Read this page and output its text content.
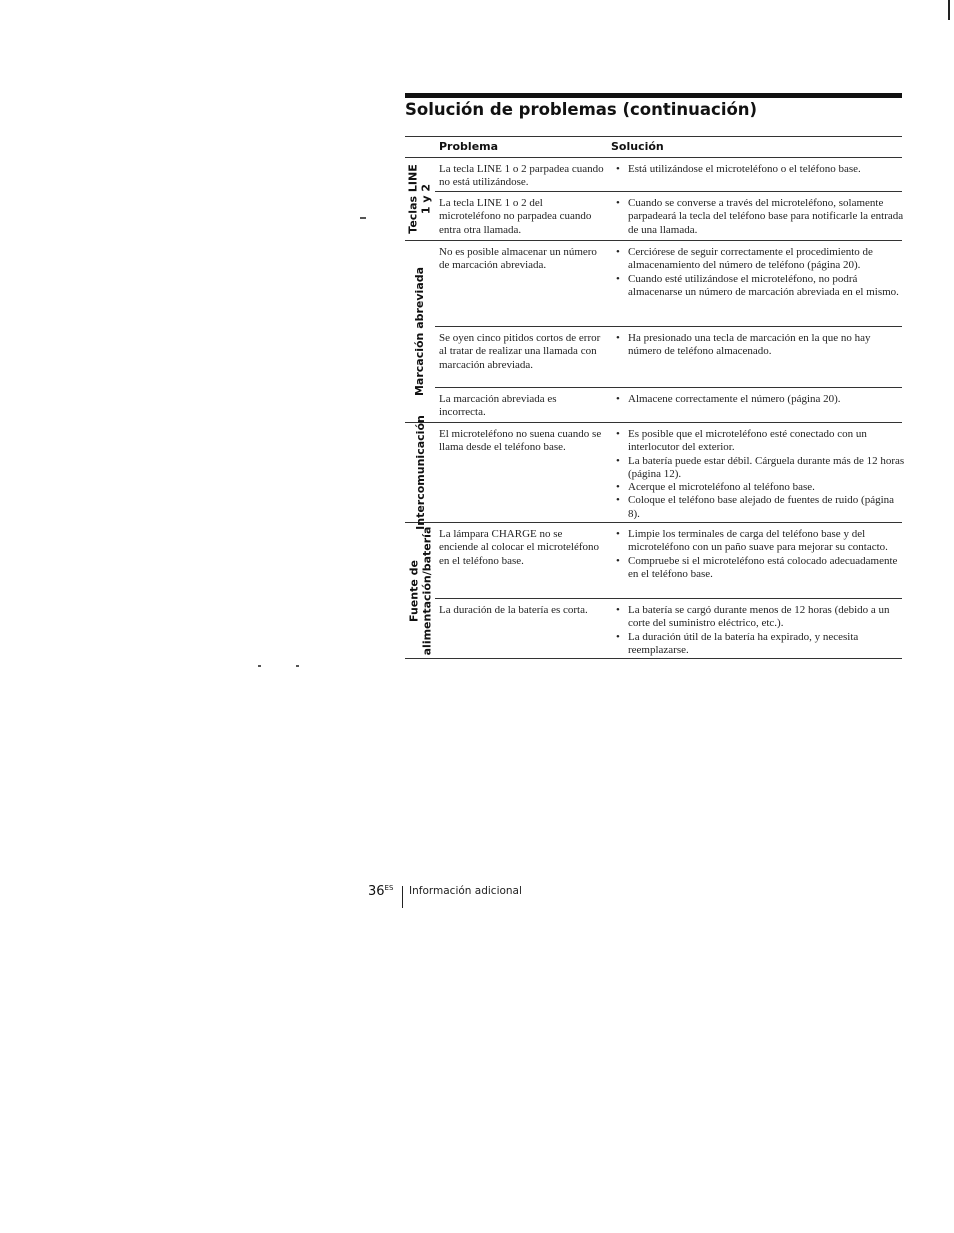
Solución de problemas (continuación)
Problema	Solución
Teclas LINE
1 y 2
La tecla LINE 1 o 2 parpadea cuando no está utilizándose.
• Está utilizándose el microteléfono o el teléfono base.
La tecla LINE 1 o 2 del microteléfono no parpadea cuando entra otra llamada.
• Cuando se converse a través del microteléfono, solamente parpadeará la tecla del teléfono base para notificarle la entrada de una llamada.
Marcación abreviada
No es posible almacenar un número de marcación abreviada.
• Cerciórese de seguir correctamente el procedimiento de almacenamiento del número de teléfono (página 20).
• Cuando esté utilizándose el microteléfono, no podrá almacenarse un número de marcación abreviada en el mismo.
Se oyen cinco pitidos cortos de error al tratar de realizar una llamada con marcación abreviada.
• Ha presionado una tecla de marcación en la que no hay número de teléfono almacenado.
La marcación abreviada es incorrecta.
• Almacene correctamente el número (página 20).
Intercomunicación El microteléfono no suena cuando se llama desde el teléfono base.
• Es posible que el microteléfono esté conectado con un interlocutor del exterior.
• La batería puede estar débil. Cárguela durante más de 12 horas (página 12).
• Acerque el microteléfono al teléfono base.
• Coloque el teléfono base alejado de fuentes de ruido (página 8).
Fuente de
alimentación/batería La lámpara CHARGE no se enciende al colocar el microteléfono en el teléfono base.
• Limpie los terminales de carga del teléfono base y del microteléfono con un paño suave para mejorar su contacto.
• Compruebe si el microteléfono está colocado adecuadamente en el teléfono base.
La duración de la batería es corta.
•	La batería se cargó durante menos de 12 horas (debido a un corte del suministro eléctrico, etc.).
• La duración útil de la batería ha expirado, y necesita reemplazarse.
$36^{ES}$ Información adicional
